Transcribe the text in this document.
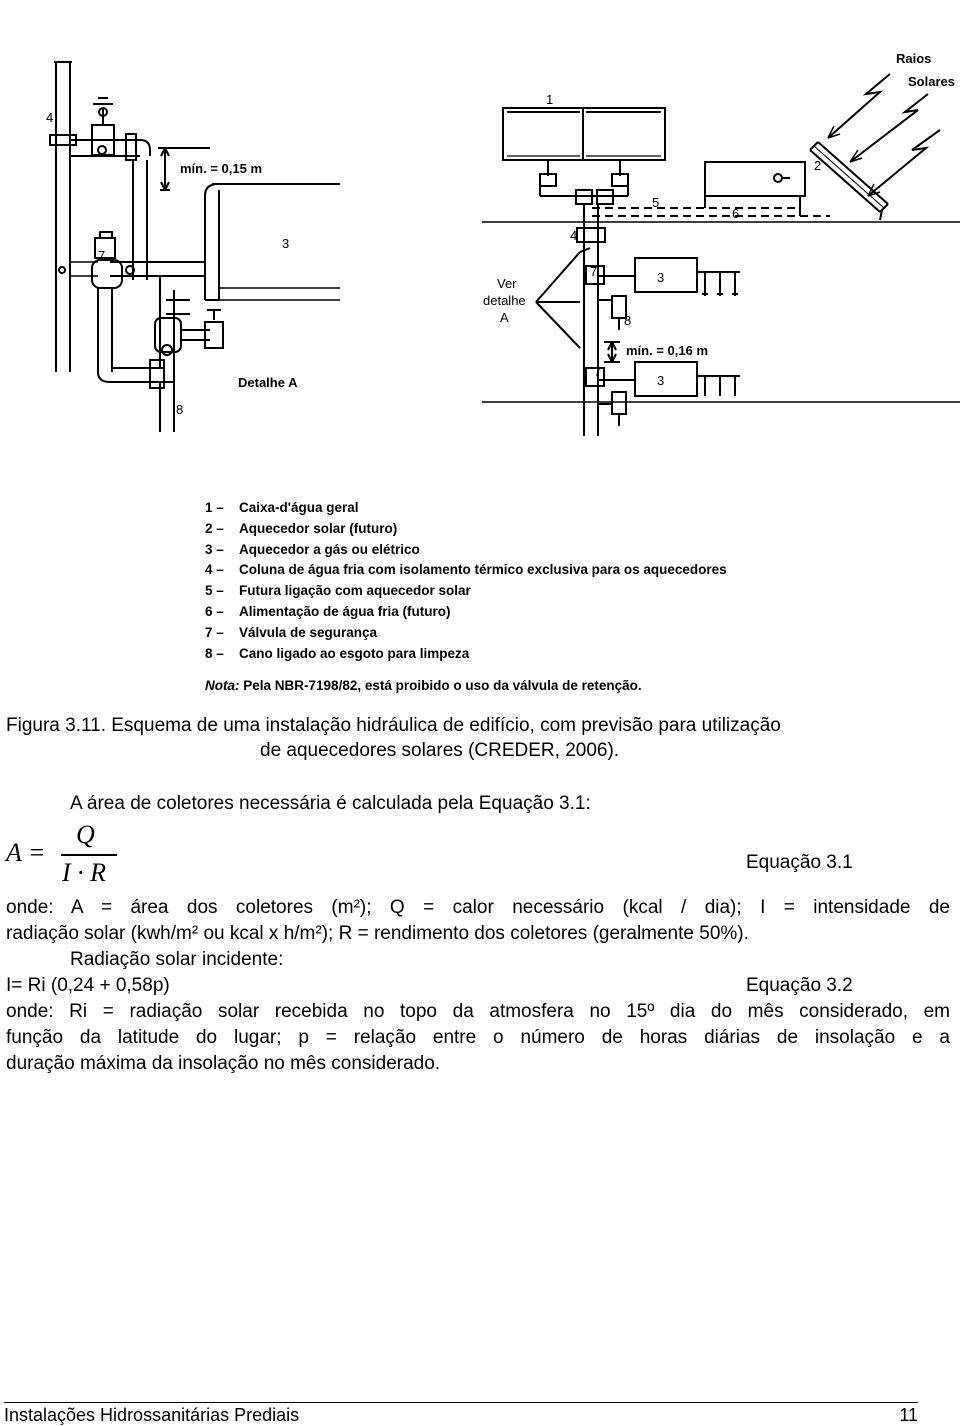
Raios
Solares
mín. = 0,15 m
mín. = 0,16 m
Detalhe A
Ver
detalhe
A
4
7
3
8
1
2
5
6
4
7	3
8
7
3
1 –	Caixa-d'água geral
2 –	Aquecedor solar (futuro)
3 –	Aquecedor a gás ou elétrico
4 –	Coluna de água fria com isolamento térmico exclusiva para os aquecedores
5 –	Futura ligação com aquecedor solar
6 –	Alimentação de água fria (futuro)
7 –	Válvula de segurança
8 –	Cano ligado ao esgoto para limpeza
Nota: Pela NBR-7198/82, está proibido o uso da válvula de retenção.
Figura 3.11. Esquema de uma instalação hidráulica de edifício, com previsão para utilização
de aquecedores solares (CREDER, 2006).
A área de coletores necessária é calculada pela Equação 3.1:
A =
Q
I · R	Equação 3.1
onde: A = área dos coletores (m²); Q = calor necessário (kcal / dia); I = intensidade de
radiação solar (kwh/m² ou kcal x h/m²); R = rendimento dos coletores (geralmente 50%).
Radiação solar incidente:
I= Ri (0,24 + 0,58p)	Equação 3.2
onde: Ri = radiação solar recebida no topo da atmosfera no 15º dia do mês considerado, em
função da latitude do lugar; p = relação entre o número de horas diárias de insolação e a
duração máxima da insolação no mês considerado.
Instalações Hidrossanitárias Prediais	11
